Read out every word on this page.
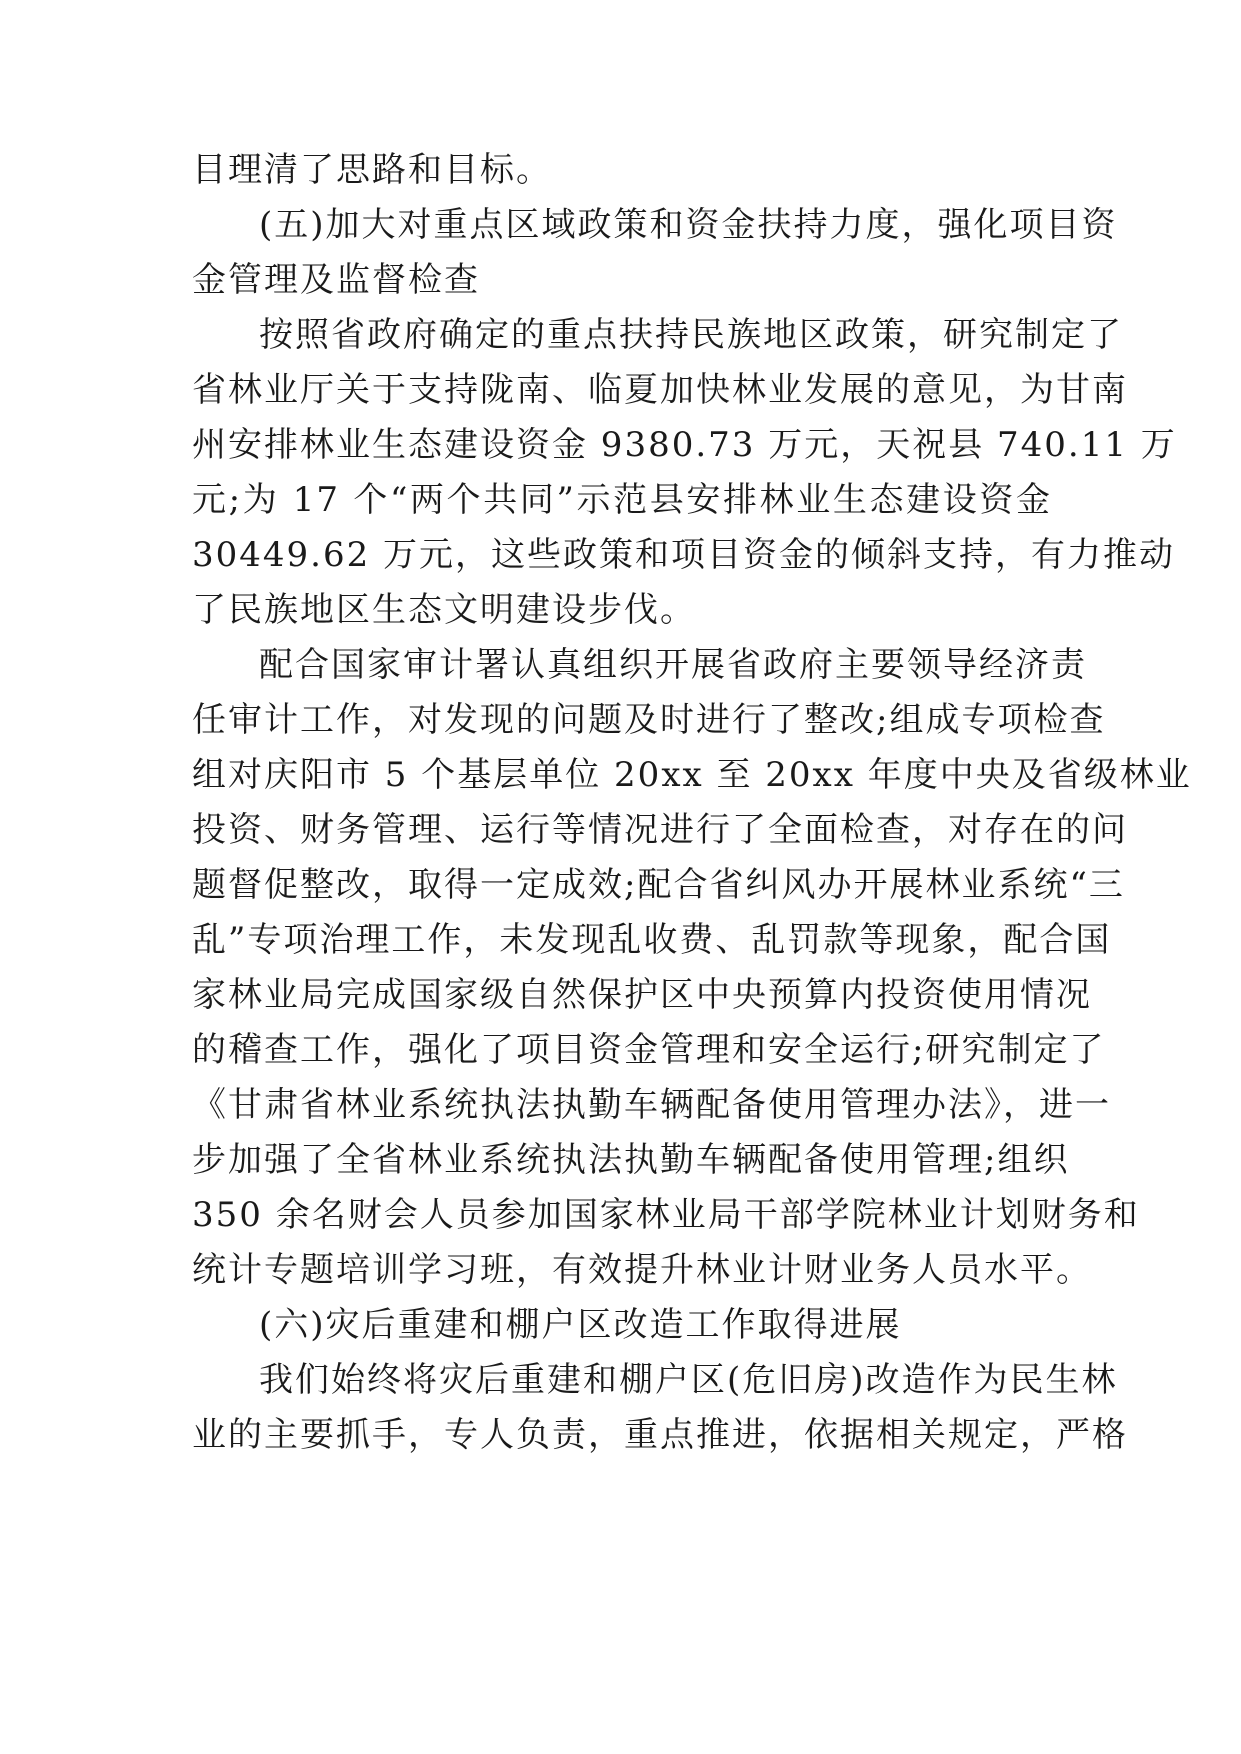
目理清了思路和目标。
(五)加大对重点区域政策和资金扶持力度，强化项目资
金管理及监督检查
按照省政府确定的重点扶持民族地区政策，研究制定了
省林业厅关于支持陇南、临夏加快林业发展的意见，为甘南
州安排林业生态建设资金 9380.73 万元，天祝县 740.11 万
元;为 17 个“两个共同”示范县安排林业生态建设资金
30449.62 万元，这些政策和项目资金的倾斜支持，有力推动
了民族地区生态文明建设步伐。
配合国家审计署认真组织开展省政府主要领导经济责
任审计工作，对发现的问题及时进行了整改;组成专项检查
组对庆阳市 5 个基层单位 20xx 至 20xx 年度中央及省级林业
投资、财务管理、运行等情况进行了全面检查，对存在的问
题督促整改，取得一定成效;配合省纠风办开展林业系统“三
乱”专项治理工作，未发现乱收费、乱罚款等现象，配合国
家林业局完成国家级自然保护区中央预算内投资使用情况
的稽查工作，强化了项目资金管理和安全运行;研究制定了
《甘肃省林业系统执法执勤车辆配备使用管理办法》，进一
步加强了全省林业系统执法执勤车辆配备使用管理;组织
350 余名财会人员参加国家林业局干部学院林业计划财务和
统计专题培训学习班，有效提升林业计财业务人员水平。
(六)灾后重建和棚户区改造工作取得进展
我们始终将灾后重建和棚户区(危旧房)改造作为民生林
业的主要抓手，专人负责，重点推进，依据相关规定，严格
